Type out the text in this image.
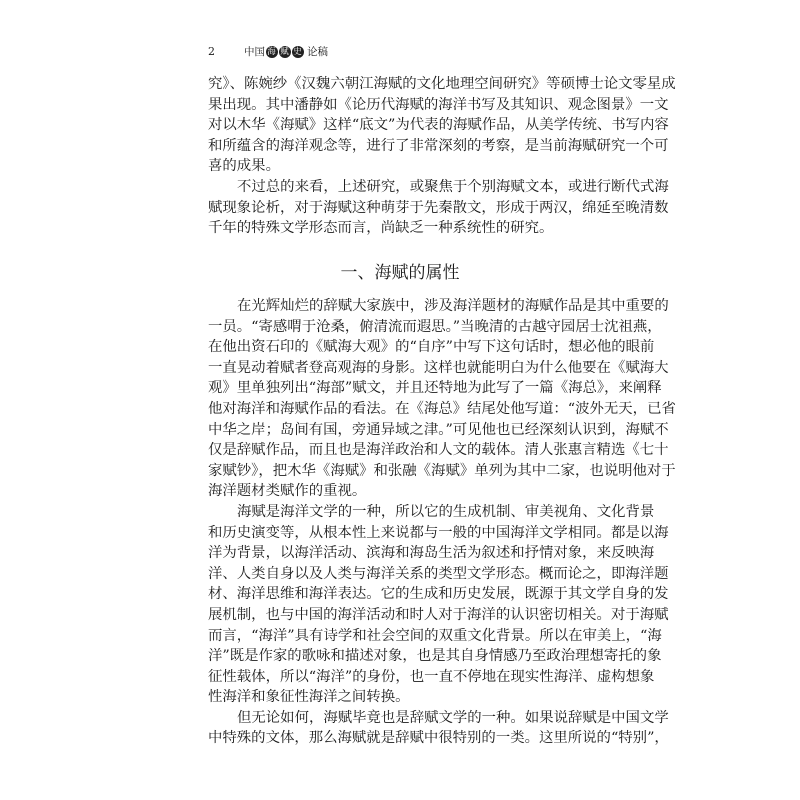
2	中国 海 赋 史 论稿
究》、陈婉纱《汉魏六朝江海赋的文化地理空间研究》等硕博士论文零星成
果出现。其中潘静如《论历代海赋的海洋书写及其知识、观念图景》一文
对以木华《海赋》这样“底文”为代表的海赋作品，从美学传统、书写内容
和所蕴含的海洋观念等，进行了非常深刻的考察，是当前海赋研究一个可
喜的成果。
不过总的来看，上述研究，或聚焦于个别海赋文本，或进行断代式海
赋现象论析，对于海赋这种萌芽于先秦散文，形成于两汉，绵延至晚清数
千年的特殊文学形态而言，尚缺乏一种系统性的研究。
一、海赋的属性
在光辉灿烂的辞赋大家族中，涉及海洋题材的海赋作品是其中重要的
一员。“寄感喟于沧桑，俯清流而遐思。”当晚清的古越守园居士沈祖燕，
在他出资石印的《赋海大观》的“自序”中写下这句话时，想必他的眼前
一直晃动着赋者登高观海的身影。这样也就能明白为什么他要在《赋海大
观》里单独列出“海部”赋文，并且还特地为此写了一篇《海总》，来阐释
他对海洋和海赋作品的看法。在《海总》结尾处他写道：“波外无天，已省
中华之岸；岛间有国，旁通异域之津。”可见他也已经深刻认识到，海赋不
仅是辞赋作品，而且也是海洋政治和人文的载体。清人张惠言精选《七十
家赋钞》，把木华《海赋》和张融《海赋》单列为其中二家，也说明他对于
海洋题材类赋作的重视。
海赋是海洋文学的一种，所以它的生成机制、审美视角、文化背景
和历史演变等，从根本性上来说都与一般的中国海洋文学相同。都是以海
洋为背景，以海洋活动、滨海和海岛生活为叙述和抒情对象，来反映海
洋、人类自身以及人类与海洋关系的类型文学形态。概而论之，即海洋题
材、海洋思维和海洋表达。它的生成和历史发展，既源于其文学自身的发
展机制，也与中国的海洋活动和时人对于海洋的认识密切相关。对于海赋
而言，“海洋”具有诗学和社会空间的双重文化背景。所以在审美上，“海
洋”既是作家的歌咏和描述对象，也是其自身情感乃至政治理想寄托的象
征性载体，所以“海洋”的身份，也一直不停地在现实性海洋、虚构想象
性海洋和象征性海洋之间转换。
但无论如何，海赋毕竟也是辞赋文学的一种。如果说辞赋是中国文学
中特殊的文体，那么海赋就是辞赋中很特别的一类。这里所说的“特别”，
